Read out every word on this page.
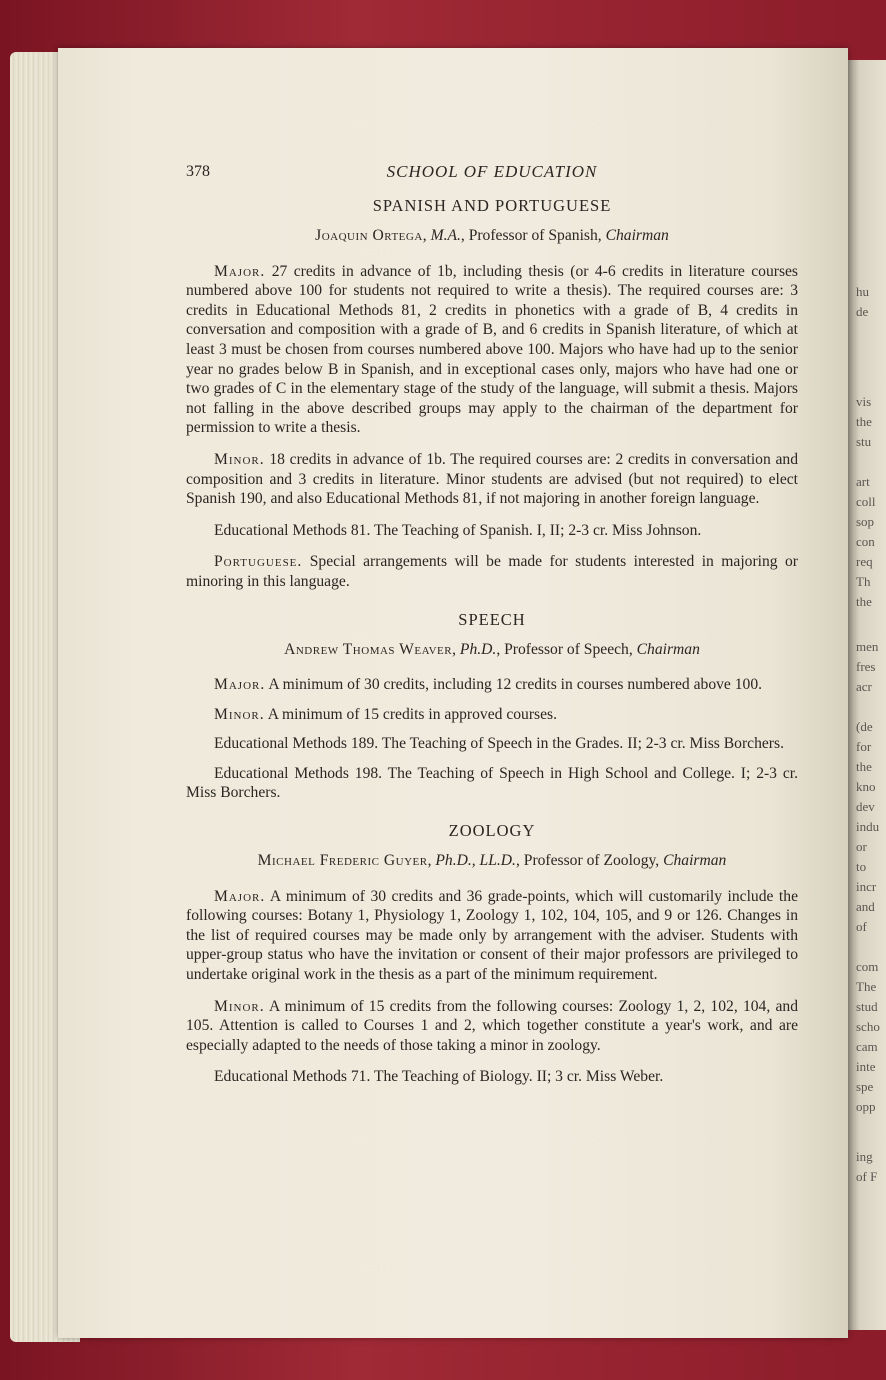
hu
de
vis
the
stu
art
coll
sop
con
req
Th
the
men
fres
acr
(de
for
the
kno
dev
indu
or
to
incr
and
of
com
The
stud
scho
cam
inte
spe
opp
ing
of F
378	SCHOOL OF EDUCATION
SPANISH AND PORTUGUESE
Joaquin Ortega, M.A., Professor of Spanish, Chairman

Major. 27 credits in advance of 1b, including thesis (or 4-6 credits in literature courses numbered above 100 for students not required to write a thesis). The required courses are: 3 credits in Educational Methods 81, 2 credits in phonetics with a grade of B, 4 credits in conversation and composition with a grade of B, and 6 credits in Spanish literature, of which at least 3 must be chosen from courses numbered above 100. Majors who have had up to the senior year no grades below B in Spanish, and in exceptional cases only, majors who have had one or two grades of C in the elementary stage of the study of the language, will submit a thesis. Majors not falling in the above described groups may apply to the chairman of the department for permission to write a thesis.

Minor. 18 credits in advance of 1b. The required courses are: 2 credits in conversation and composition and 3 credits in literature. Minor students are advised (but not required) to elect Spanish 190, and also Educational Methods 81, if not majoring in another foreign language.

Educational Methods 81. The Teaching of Spanish. I, II; 2-3 cr. Miss Johnson.

Portuguese. Special arrangements will be made for students interested in majoring or minoring in this language.

SPEECH
Andrew Thomas Weaver, Ph.D., Professor of Speech, Chairman

Major. A minimum of 30 credits, including 12 credits in courses numbered above 100.

Minor. A minimum of 15 credits in approved courses.

Educational Methods 189. The Teaching of Speech in the Grades. II; 2-3 cr. Miss Borchers.

Educational Methods 198. The Teaching of Speech in High School and College. I; 2-3 cr. Miss Borchers.

ZOOLOGY
Michael Frederic Guyer, Ph.D., LL.D., Professor of Zoology, Chairman

Major. A minimum of 30 credits and 36 grade-points, which will customarily include the following courses: Botany 1, Physiology 1, Zoology 1, 102, 104, 105, and 9 or 126. Changes in the list of required courses may be made only by arrangement with the adviser. Students with upper-group status who have the invitation or consent of their major professors are privileged to undertake original work in the thesis as a part of the minimum requirement.

Minor. A minimum of 15 credits from the following courses: Zoology 1, 2, 102, 104, and 105. Attention is called to Courses 1 and 2, which together constitute a year's work, and are especially adapted to the needs of those taking a minor in zoology.

Educational Methods 71. The Teaching of Biology. II; 3 cr. Miss Weber.
